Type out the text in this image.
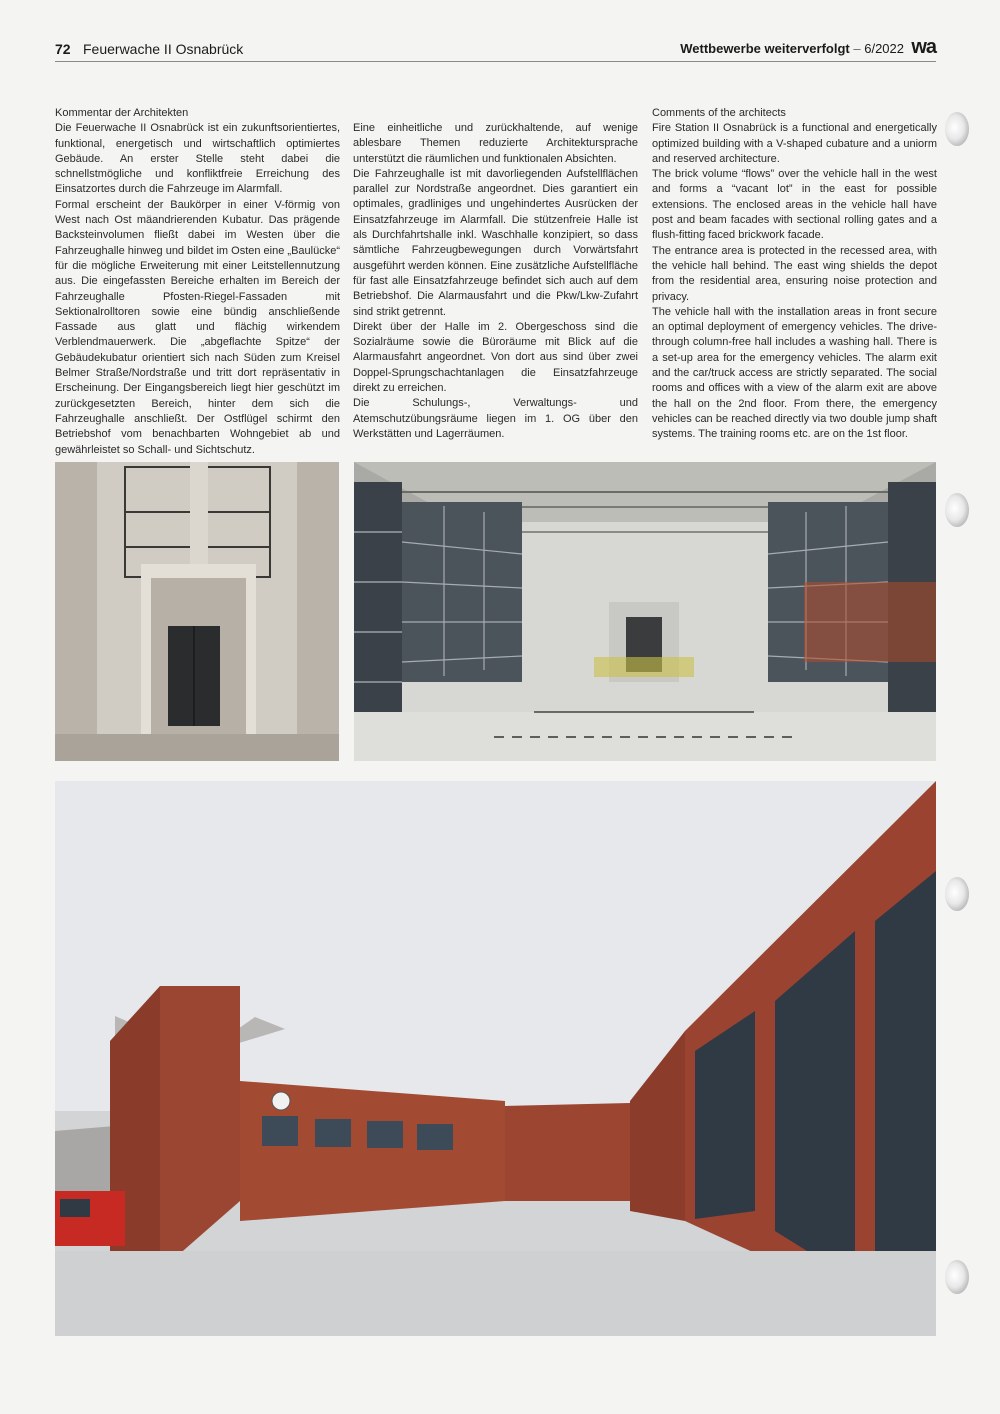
72 Feuerwache II Osnabrück	Wettbewerbe weiterverfolgt – 6/2022 wa

Kommentar der Architekten

Die Feuerwache II Osnabrück ist ein zukunftsorientiertes, funktional, energetisch und wirtschaftlich optimiertes Gebäude. An erster Stelle steht dabei die schnellstmögliche und konfliktfreie Erreichung des Einsatzortes durch die Fahrzeuge im Alarmfall.

Formal erscheint der Baukörper in einer V-förmig von West nach Ost mäandrierenden Kubatur. Das prägende Backsteinvolumen fließt dabei im Westen über die Fahrzeughalle hinweg und bildet im Osten eine „Baulücke“ für die mögliche Erweiterung mit einer Leitstellennutzung aus. Die eingefassten Bereiche erhalten im Bereich der Fahrzeughalle Pfosten-Riegel-Fassaden mit Sektionalrolltoren sowie eine bündig anschließende Fassade aus glatt und flächig wirkendem Verblendmauerwerk. Die „abgeflachte Spitze“ der Gebäudekubatur orientiert sich nach Süden zum Kreisel Belmer Straße/Nordstraße und tritt dort repräsentativ in Erscheinung. Der Eingangsbereich liegt hier geschützt im zurückgesetzten Bereich, hinter dem sich die Fahrzeughalle anschließt. Der Ostflügel schirmt den Betriebshof vom benachbarten Wohngebiet ab und gewährleistet so Schall- und Sichtschutz.

Eine einheitliche und zurückhaltende, auf wenige ablesbare Themen reduzierte Architektursprache unterstützt die räumlichen und funktionalen Absichten.

Die Fahrzeughalle ist mit davorliegenden Aufstellflächen parallel zur Nordstraße angeordnet. Dies garantiert ein optimales, gradliniges und ungehindertes Ausrücken der Einsatzfahrzeuge im Alarmfall. Die stützenfreie Halle ist als Durchfahrtshalle inkl. Waschhalle konzipiert, so dass sämtliche Fahrzeugbewegungen durch Vorwärtsfahrt ausgeführt werden können. Eine zusätzliche Aufstellfläche für fast alle Einsatzfahrzeuge befindet sich auch auf dem Betriebshof. Die Alarmausfahrt und die Pkw/Lkw-Zufahrt sind strikt getrennt.

Direkt über der Halle im 2. Obergeschoss sind die Sozialräume sowie die Büroräume mit Blick auf die Alarmausfahrt angeordnet. Von dort aus sind über zwei Doppel-Sprungschachtanlagen die Einsatzfahrzeuge direkt zu erreichen.

Die Schulungs-, Verwaltungs- und Atemschutzübungsräume liegen im 1. OG über den Werkstätten und Lagerräumen.

Comments of the architects

Fire Station II Osnabrück is a functional and energetically optimized building with a V-shaped cubature and a uniorm and reserved architecture.

The brick volume “flows” over the vehicle hall in the west and forms a “vacant lot” in the east for possible extensions. The enclosed areas in the vehicle hall have post and beam facades with sectional rolling gates and a flush-fitting faced brickwork facade.

The entrance area is protected in the recessed area, with the vehicle hall behind. The east wing shields the depot from the residential area, ensuring noise protection and privacy.

The vehicle hall with the installation areas in front secure an optimal deployment of emergency vehicles. The drive-through column-free hall includes a washing hall. There is a set-up area for the emergency vehicles. The alarm exit and the car/truck access are strictly separated. The social rooms and offices with a view of the alarm exit are above the hall on the 2nd floor. From there, the emergency vehicles can be reached directly via two double jump shaft systems. The training rooms etc. are on the 1st floor.
